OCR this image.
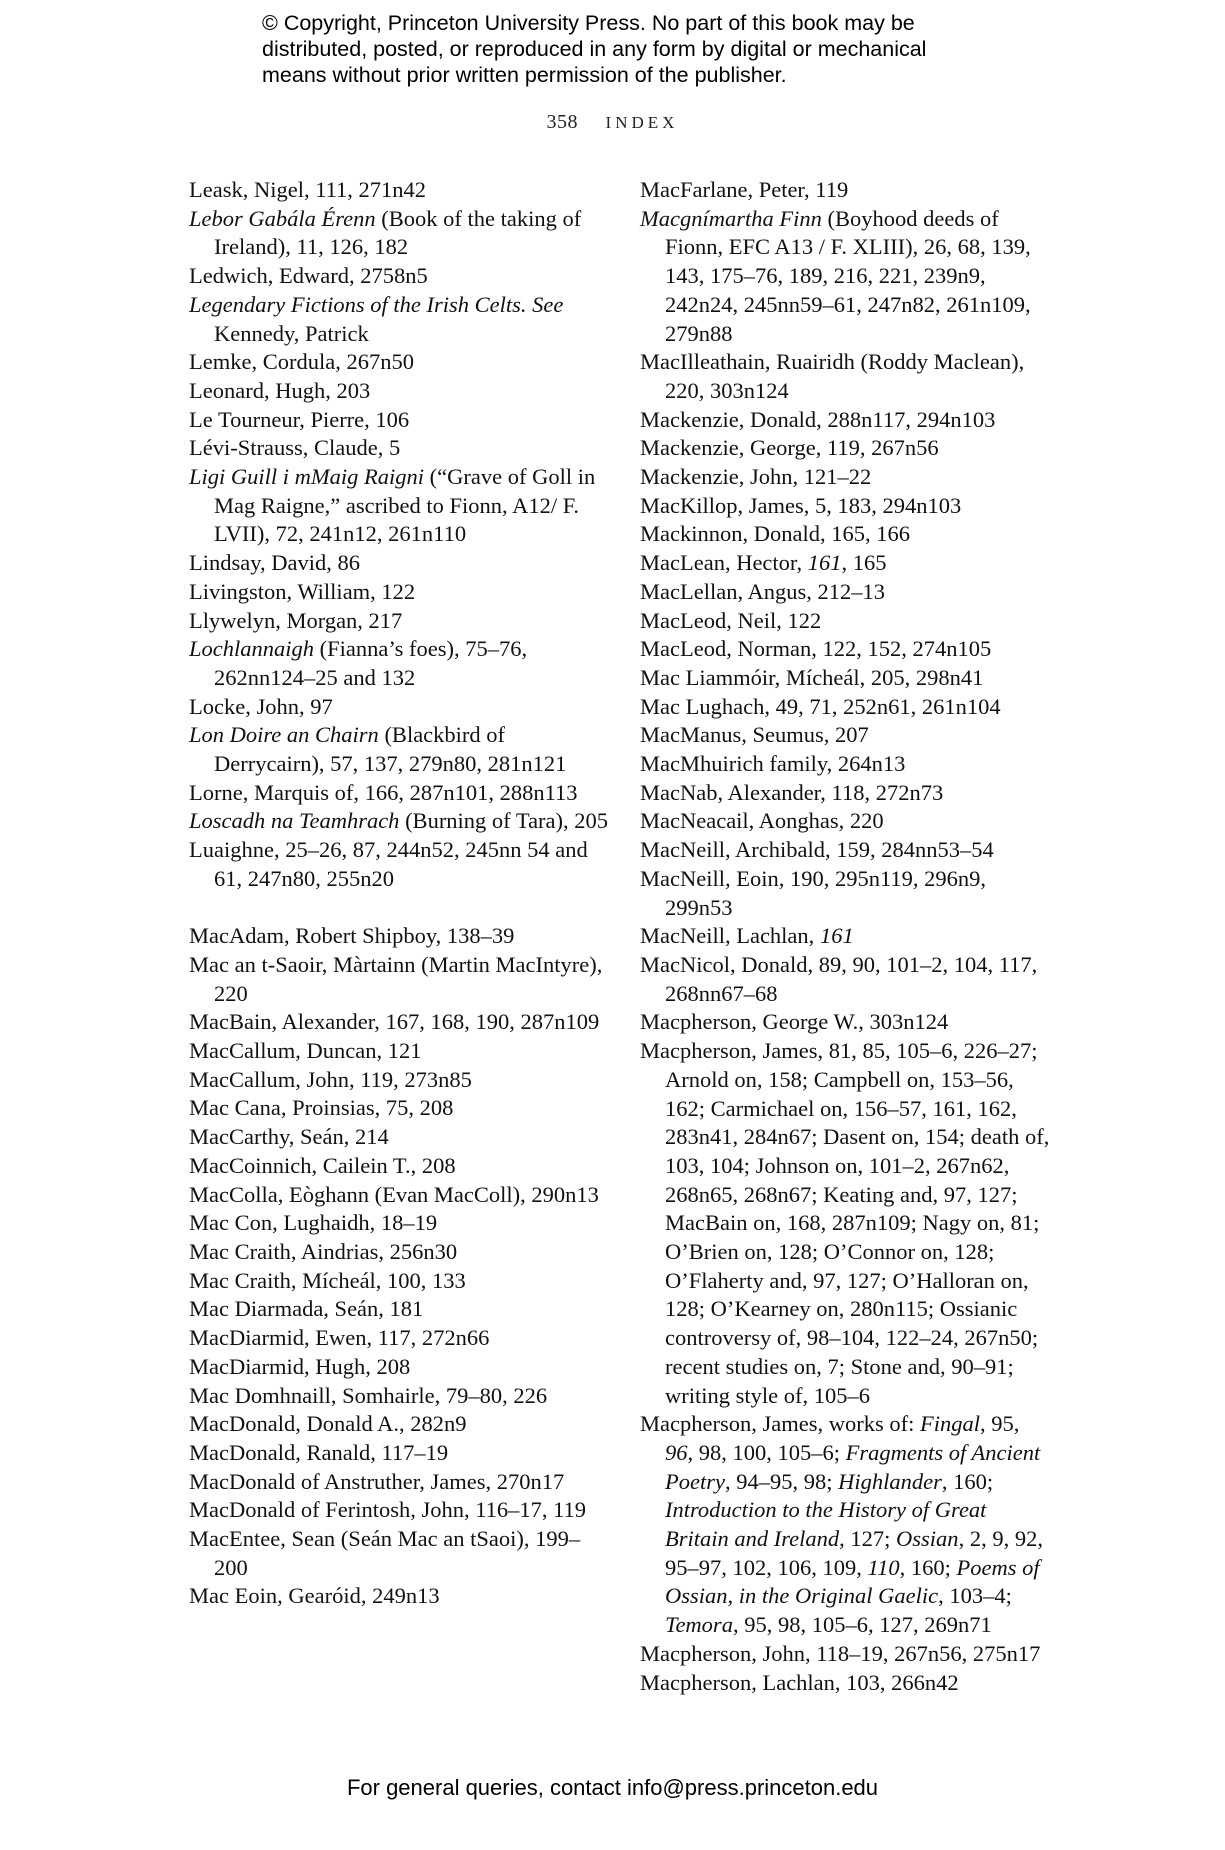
© Copyright, Princeton University Press. No part of this book may be
distributed, posted, or reproduced in any form by digital or mechanical
means without prior written permission of the publisher.
358 INDEX

Leask, Nigel, 111, 271n42

Lebor Gabála Érenn (Book of the taking of Ireland), 11, 126, 182

Ledwich, Edward, 2758n5

Legendary Fictions of the Irish Celts. See Kennedy, Patrick

Lemke, Cordula, 267n50

Leonard, Hugh, 203

Le Tourneur, Pierre, 106

Lévi-Strauss, Claude, 5

Ligi Guill i mMaig Raigni (“Grave of Goll in Mag Raigne,” ascribed to Fionn, A12/ F. LVII), 72, 241n12, 261n110

Lindsay, David, 86

Livingston, William, 122

Llywelyn, Morgan, 217

Lochlannaigh (Fianna’s foes), 75–76, 262nn124–25 and 132

Locke, John, 97

Lon Doire an Chairn (Blackbird of Derrycairn), 57, 137, 279n80, 281n121

Lorne, Marquis of, 166, 287n101, 288n113

Loscadh na Teamhrach (Burning of Tara), 205

Luaighne, 25–26, 87, 244n52, 245nn 54 and 61, 247n80, 255n20

MacAdam, Robert Shipboy, 138–39

Mac an t-Saoir, Màrtainn (Martin MacIntyre), 220

MacBain, Alexander, 167, 168, 190, 287n109

MacCallum, Duncan, 121

MacCallum, John, 119, 273n85

Mac Cana, Proinsias, 75, 208

MacCarthy, Seán, 214

MacCoinnich, Cailein T., 208

MacColla, Eòghann (Evan MacColl), 290n13

Mac Con, Lughaidh, 18–19

Mac Craith, Aindrias, 256n30

Mac Craith, Mícheál, 100, 133

Mac Diarmada, Seán, 181

MacDiarmid, Ewen, 117, 272n66

MacDiarmid, Hugh, 208

Mac Domhnaill, Somhairle, 79–80, 226

MacDonald, Donald A., 282n9

MacDonald, Ranald, 117–19

MacDonald of Anstruther, James, 270n17

MacDonald of Ferintosh, John, 116–17, 119

MacEntee, Sean (Seán Mac an tSaoi), 199–200

Mac Eoin, Gearóid, 249n13

MacFarlane, Peter, 119

Macgnímartha Finn (Boyhood deeds of Fionn, EFC A13 / F. XLIII), 26, 68, 139, 143, 175–76, 189, 216, 221, 239n9, 242n24, 245nn59–61, 247n82, 261n109, 279n88

MacIlleathain, Ruairidh (Roddy Maclean), 220, 303n124

Mackenzie, Donald, 288n117, 294n103

Mackenzie, George, 119, 267n56

Mackenzie, John, 121–22

MacKillop, James, 5, 183, 294n103

Mackinnon, Donald, 165, 166

MacLean, Hector, 161, 165

MacLellan, Angus, 212–13

MacLeod, Neil, 122

MacLeod, Norman, 122, 152, 274n105

Mac Liammóir, Mícheál, 205, 298n41

Mac Lughach, 49, 71, 252n61, 261n104

MacManus, Seumus, 207

MacMhuirich family, 264n13

MacNab, Alexander, 118, 272n73

MacNeacail, Aonghas, 220

MacNeill, Archibald, 159, 284nn53–54

MacNeill, Eoin, 190, 295n119, 296n9, 299n53

MacNeill, Lachlan, 161

MacNicol, Donald, 89, 90, 101–2, 104, 117, 268nn67–68

Macpherson, George W., 303n124

Macpherson, James, 81, 85, 105–6, 226–27; Arnold on, 158; Campbell on, 153–56, 162; Carmichael on, 156–57, 161, 162, 283n41, 284n67; Dasent on, 154; death of, 103, 104; Johnson on, 101–2, 267n62, 268n65, 268n67; Keating and, 97, 127; MacBain on, 168, 287n109; Nagy on, 81; O’Brien on, 128; O’Connor on, 128; O’Flaherty and, 97, 127; O’Halloran on, 128; O’Kearney on, 280n115; Ossianic controversy of, 98–104, 122–24, 267n50; recent studies on, 7; Stone and, 90–91; writing style of, 105–6

Macpherson, James, works of: Fingal, 95, 96, 98, 100, 105–6; Fragments of Ancient Poetry, 94–95, 98; Highlander, 160; Introduction to the History of Great Britain and Ireland, 127; Ossian, 2, 9, 92, 95–97, 102, 106, 109, 110, 160; Poems of Ossian, in the Original Gaelic, 103–4; Temora, 95, 98, 105–6, 127, 269n71

Macpherson, John, 118–19, 267n56, 275n17

Macpherson, Lachlan, 103, 266n42

For general queries, contact info@press.princeton.edu
